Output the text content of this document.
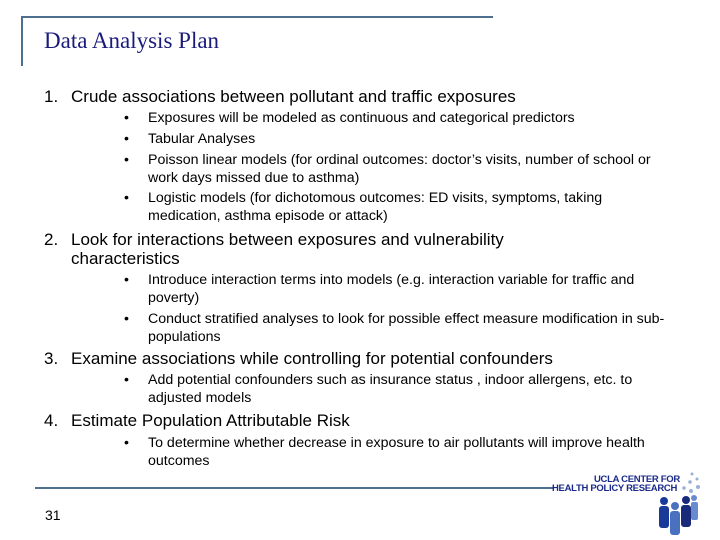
Data Analysis Plan
1. Crude associations between pollutant and traffic exposures
• Exposures will be modeled as continuous and categorical predictors
• Tabular Analyses
• Poisson linear models (for ordinal outcomes: doctor’s visits, number of school or work days missed due to asthma)
• Logistic models (for dichotomous outcomes: ED visits, symptoms, taking medication, asthma episode or attack)
2. Look for interactions between exposures and vulnerability characteristics
• Introduce interaction terms into models (e.g. interaction variable for traffic and poverty)
• Conduct stratified analyses to look for possible effect measure modification in sub-populations
3. Examine associations while controlling for potential confounders
• Add potential confounders such as insurance status , indoor allergens, etc. to adjusted models
4. Estimate Population Attributable Risk
• To determine whether decrease in exposure to air pollutants will improve health outcomes
31
UCLA CENTER FOR
HEALTH POLICY RESEARCH
